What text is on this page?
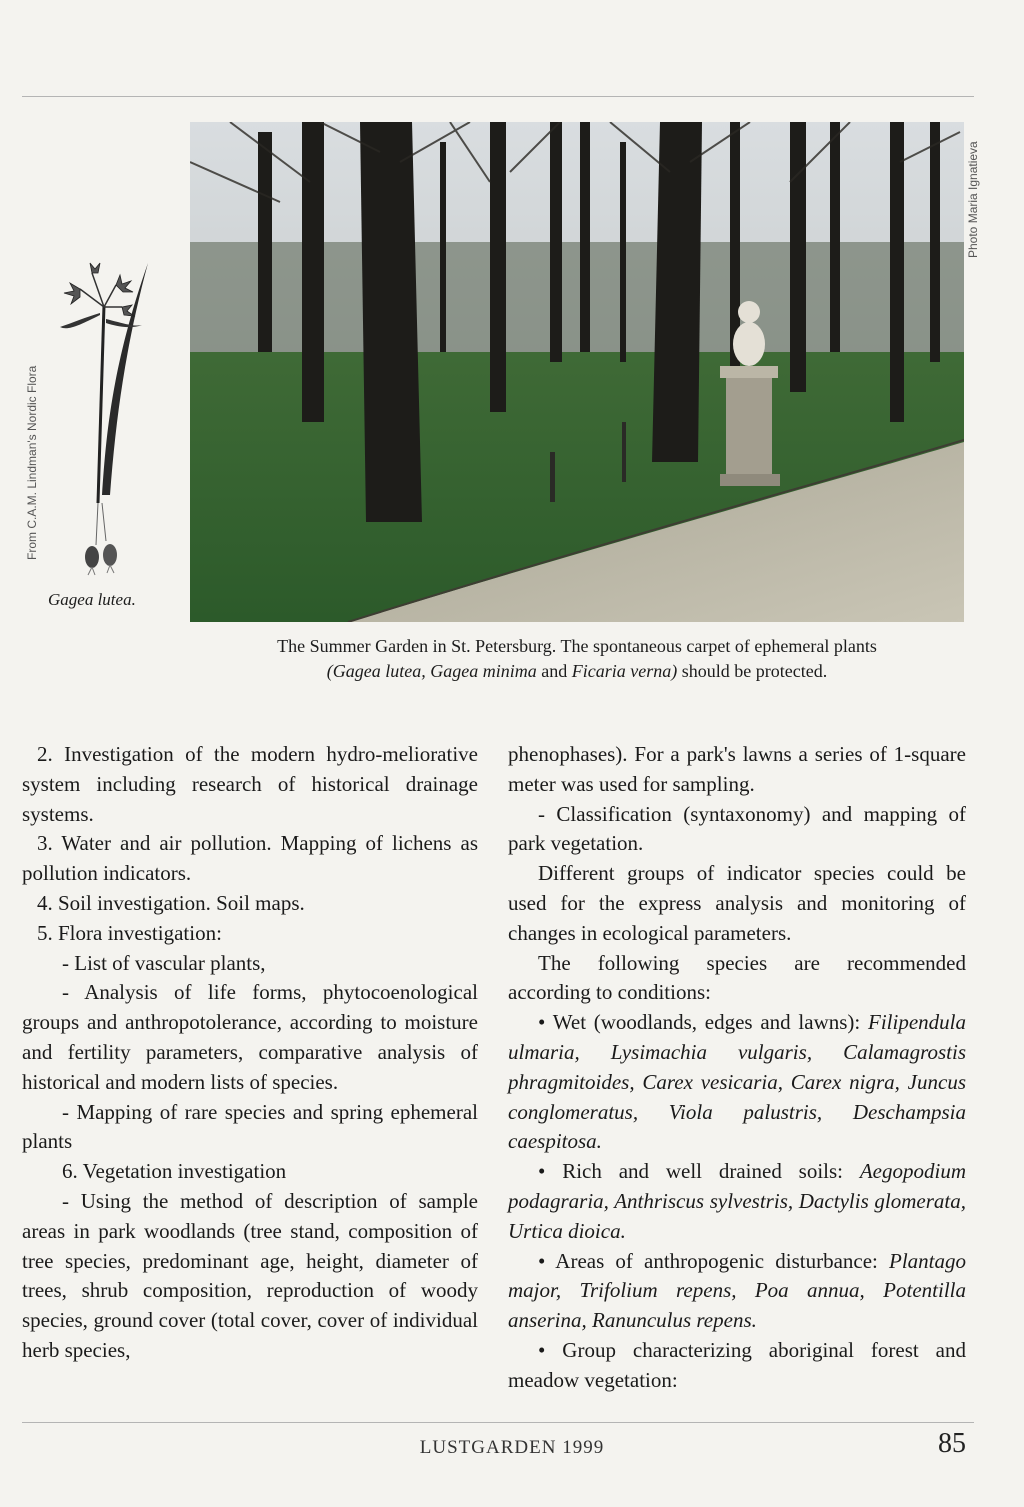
From C.A.M. Lindman's Nordic Flora
Gagea lutea.
Photo Maria Ignatieva
The Summer Garden in St. Petersburg. The spontaneous carpet of ephemeral plants
(Gagea lutea, Gagea minima and Ficaria verna) should be protected.

2. Investigation of the modern hydro-meliorative system including research of historical drainage systems.

3. Water and air pollution. Mapping of lichens as pollution indicators.

4. Soil investigation. Soil maps.

5. Flora investigation:

- List of vascular plants,

- Analysis of life forms, phytocoenological groups and anthropotolerance, according to moisture and fertility parameters, comparative analysis of historical and modern lists of species.

- Mapping of rare species and spring ephemeral plants

6. Vegetation investigation

- Using the method of description of sample areas in park woodlands (tree stand, composition of tree species, predominant age, height, diameter of trees, shrub composition, reproduction of woody species, ground cover (total cover, cover of individual herb species,

phenophases). For a park's lawns a series of 1-square meter was used for sampling.

- Classification (syntaxonomy) and mapping of park vegetation.

Different groups of indicator species could be used for the express analysis and monitoring of changes in ecological parameters.

The following species are recommended according to conditions:

• Wet (woodlands, edges and lawns): Filipendula ulmaria, Lysimachia vulgaris, Calamagrostis phragmitoides, Carex vesicaria, Carex nigra, Juncus conglomeratus, Viola palustris, Deschampsia caespitosa.

• Rich and well drained soils: Aegopodium podagraria, Anthriscus sylvestris, Dactylis glomerata, Urtica dioica.

• Areas of anthropogenic disturbance: Plantago major, Trifolium repens, Poa annua, Potentilla anserina, Ranunculus repens.

• Group characterizing aboriginal forest and meadow vegetation:

LUSTGARDEN 1999	85
